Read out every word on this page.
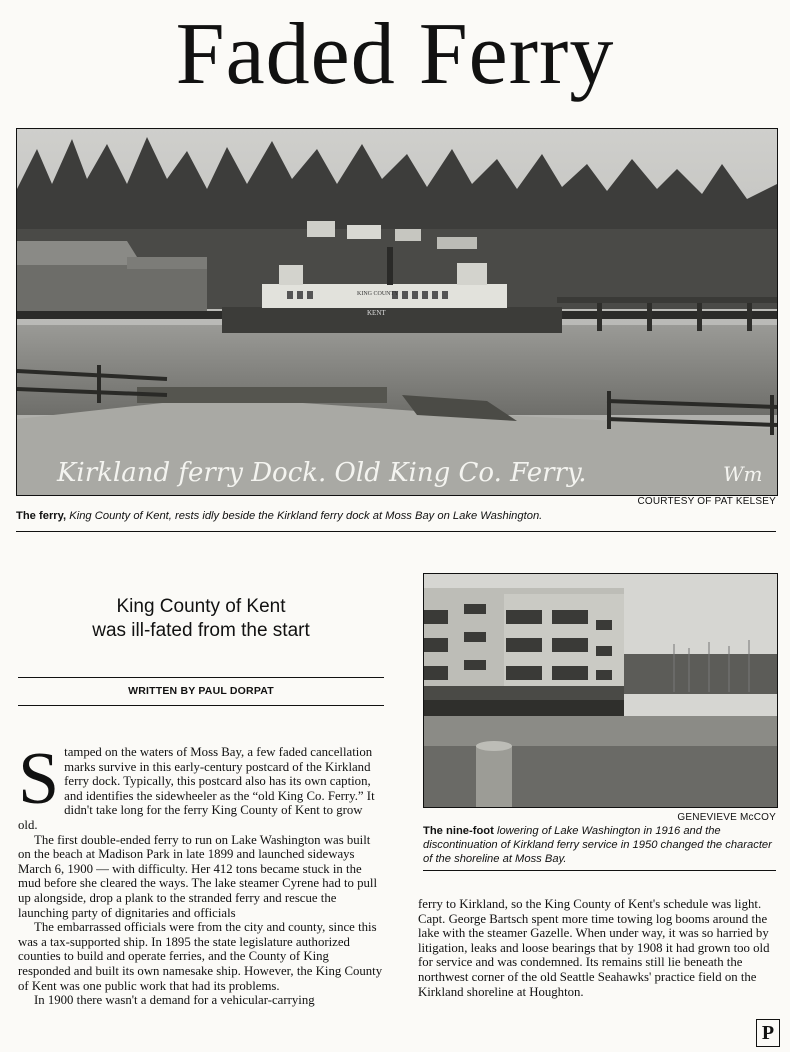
Faded Ferry
KING COUNTY
KENT
Kirkland ferry Dock. Old King Co. Ferry.	Wm
COURTESY OF PAT KELSEY
The ferry, King County of Kent, rests idly beside the Kirkland ferry dock at Moss Bay on Lake Washington.
King County of Kent
was ill-fated from the start
WRITTEN BY PAUL DORPAT

Stamped on the waters of Moss Bay, a few faded cancellation marks survive in this early-century postcard of the Kirkland ferry dock. Typically, this postcard also has its own caption, and identifies the sidewheeler as the “old King Co. Ferry.” It didn't take long for the ferry King County of Kent to grow old.

The first double-ended ferry to run on Lake Washington was built on the beach at Madison Park in late 1899 and launched sideways March 6, 1900 — with difficulty. Her 412 tons became stuck in the mud before she cleared the ways. The lake steamer Cyrene had to pull up alongside, drop a plank to the stranded ferry and rescue the launching party of dignitaries and officials

The embarrassed officials were from the city and county, since this was a tax-supported ship. In 1895 the state legislature authorized counties to build and operate ferries, and the County of King responded and built its own namesake ship. However, the King County of Kent was one public work that had its problems.

In 1900 there wasn't a demand for a vehicular-carrying

GENEVIEVE McCOY
The nine-foot lowering of Lake Washington in 1916 and the discontinuation of Kirkland ferry service in 1950 changed the character of the shoreline at Moss Bay.

ferry to Kirkland, so the King County of Kent's schedule was light. Capt. George Bartsch spent more time towing log booms around the lake with the steamer Gazelle. When under way, it was so harried by litigation, leaks and loose bearings that by 1908 it had grown too old for service and was condemned. Its remains still lie beneath the northwest corner of the old Seattle Seahawks' practice field on the Kirkland shoreline at Houghton.

P
